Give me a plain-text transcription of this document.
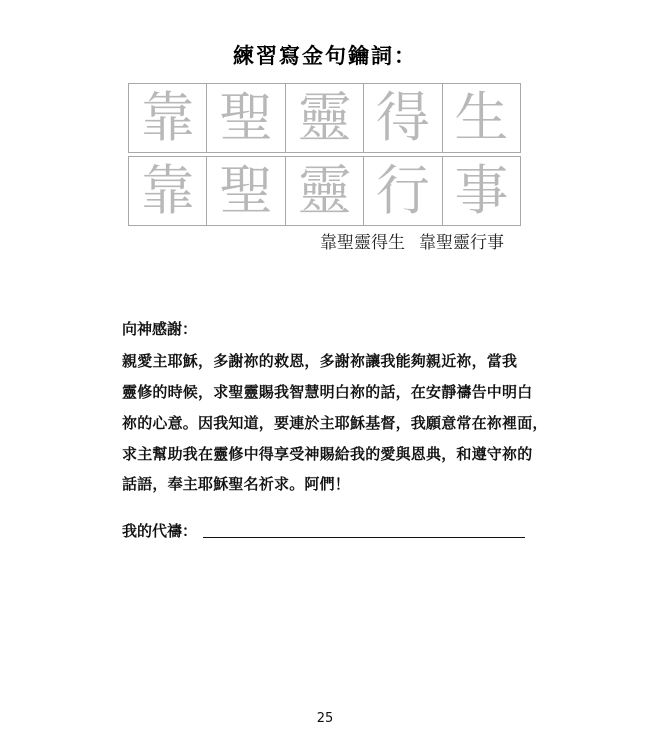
練習寫金句鑰詞：
靠 聖 靈 得 生
靠 聖 靈 行 事
靠聖靈得生 靠聖靈行事
向神感謝：
親愛主耶穌，多謝祢的救恩，多謝祢讓我能夠親近祢，當我
靈修的時候，求聖靈賜我智慧明白祢的話，在安靜禱告中明白
祢的心意。因我知道，要連於主耶穌基督，我願意常在祢裡面，
求主幫助我在靈修中得享受神賜給我的愛與恩典，和遵守祢的
話語，奉主耶穌聖名祈求。阿們！
我的代禱：
25
